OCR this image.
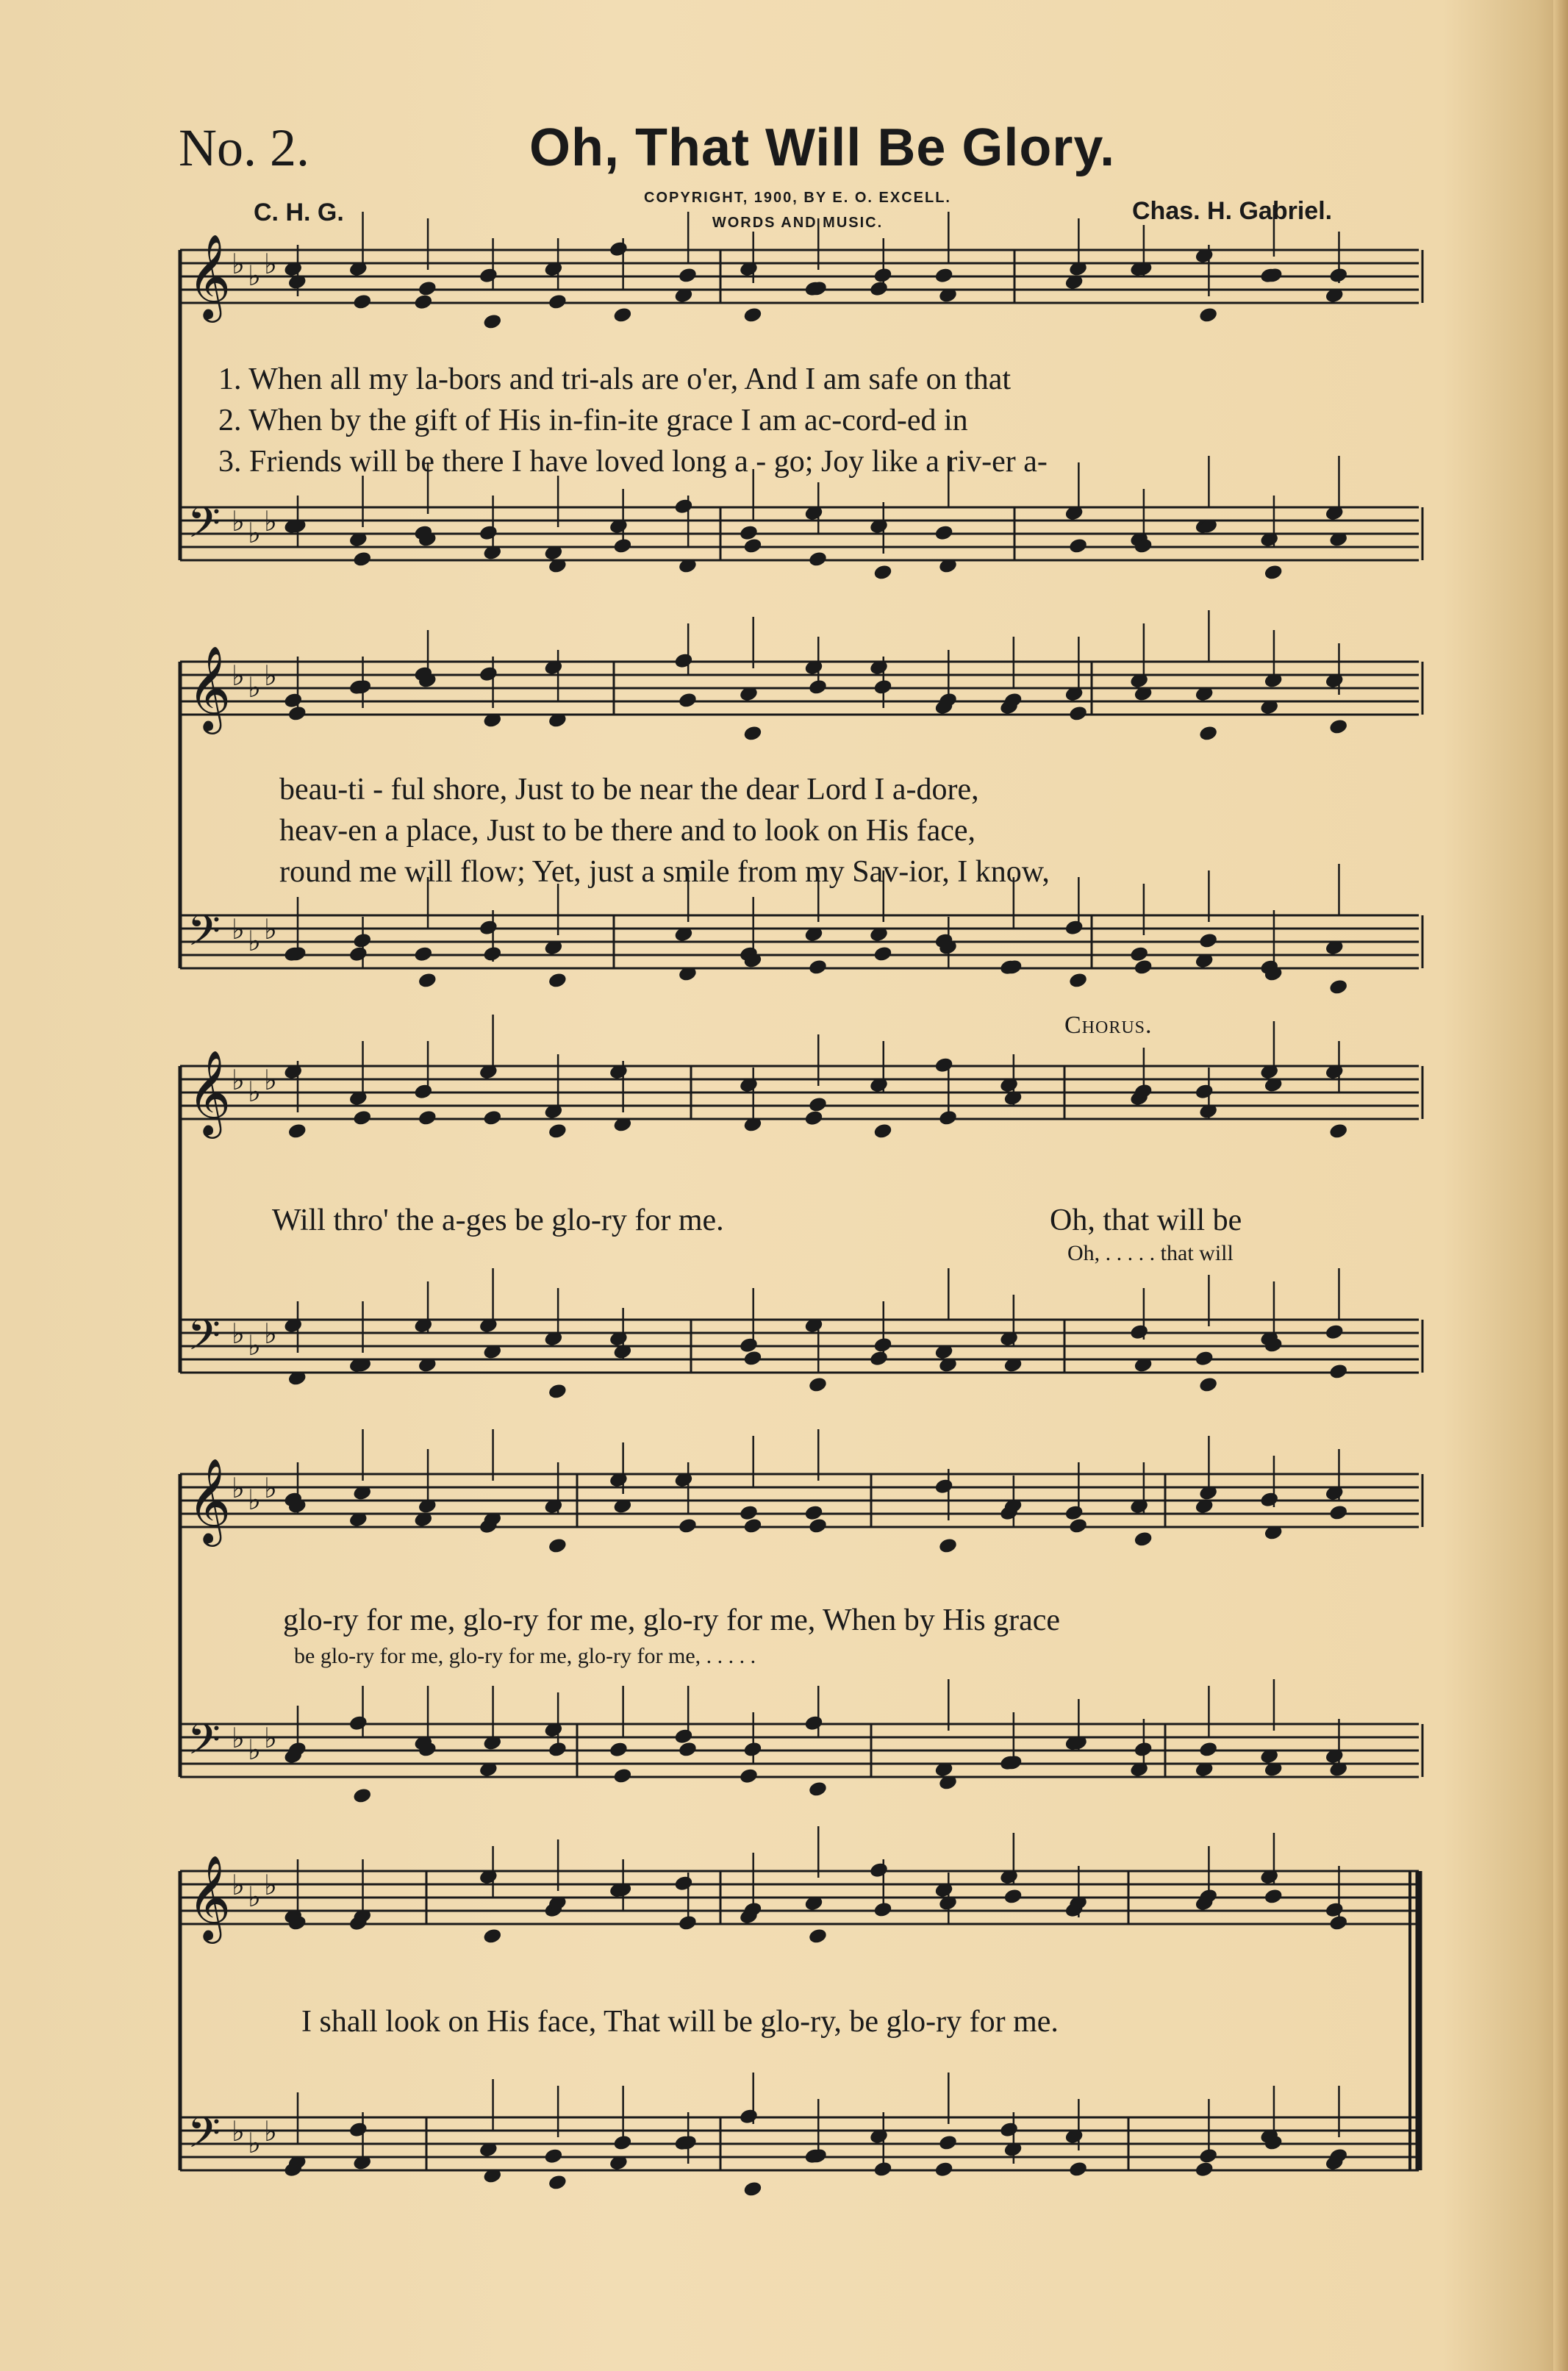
No. 2.	Oh, That Will Be Glory.
C. H. G.
COPYRIGHT, 1900, BY E. O. EXCELL.
WORDS AND MUSIC.	Chas. H. Gabriel.
𝄞 ♭ ♭ ♭
𝄢 ♭ ♭ ♭
𝄞 ♭ ♭ ♭
𝄢 ♭ ♭ ♭
𝄞 ♭ ♭ ♭
𝄢 ♭ ♭ ♭
𝄞 ♭ ♭ ♭
𝄢 ♭ ♭ ♭
𝄞 ♭ ♭ ♭
𝄢 ♭ ♭ ♭
1. When all my la-bors and tri-als are o'er, And I am safe on that
2. When by the gift of His in-fin-ite grace I am ac-cord-ed in
3. Friends will be there I have loved long a - go; Joy like a riv-er a-
beau-ti - ful shore, Just to be near the dear Lord I a-dore,
heav-en a place, Just to be there and to look on His face,
round me will flow; Yet, just a smile from my Sav-ior, I know,
Chorus.
Will thro' the a-ges be glo-ry for me.	Oh, that will be
Oh, . . . . . that will
glo-ry for me, glo-ry for me, glo-ry for me, When by His grace
be glo-ry for me, glo-ry for me, glo-ry for me, . . . . .
I shall look on His face, That will be glo-ry, be glo-ry for me.
